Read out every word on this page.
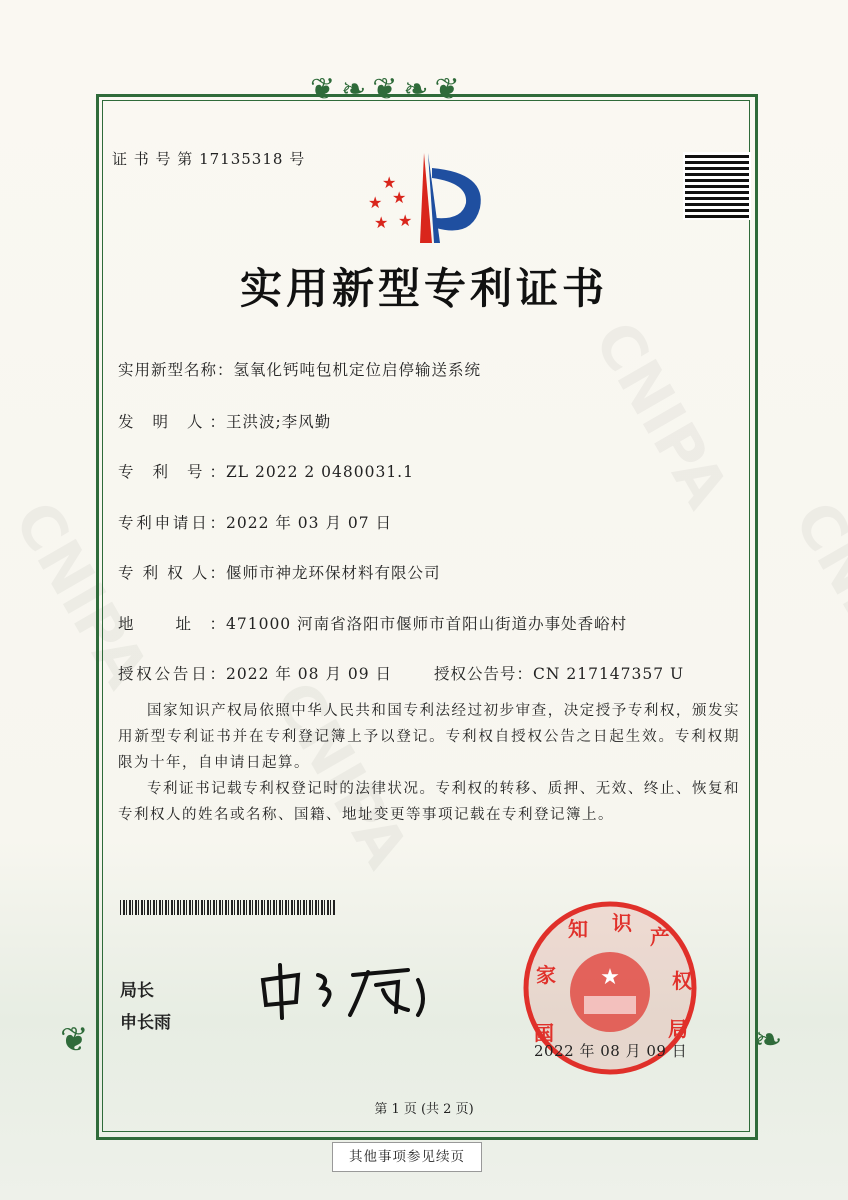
❦❧❦❧❦
❦	❧
证 书 号 第 17135318 号
★
★
★
★
★
实用新型专利证书
实用新型名称：氢氧化钙吨包机定位启停输送系统
发 明 人：王洪波;李风勤
专 利 号：ZL 2022 2 0480031.1
专利申请日：2022 年 03 月 07 日
专 利 权 人：偃师市神龙环保材料有限公司
地 址：471000 河南省洛阳市偃师市首阳山街道办事处香峪村
授权公告日：2022 年 08 月 09 日	授权公告号：CN 217147357 U
国家知识产权局依照中华人民共和国专利法经过初步审查，决定授予专利权，颁发实用新型专利证书并在专利登记簿上予以登记。专利权自授权公告之日起生效。专利权期限为十年，自申请日起算。
专利证书记载专利权登记时的法律状况。专利权的转移、质押、无效、终止、恢复和专利权人的姓名或名称、国籍、地址变更等事项记载在专利登记簿上。
局长
申长雨
★
国
家
知 识
产
权
局
2022 年 08 月 09 日
第 1 页 (共 2 页)
其他事项参见续页
